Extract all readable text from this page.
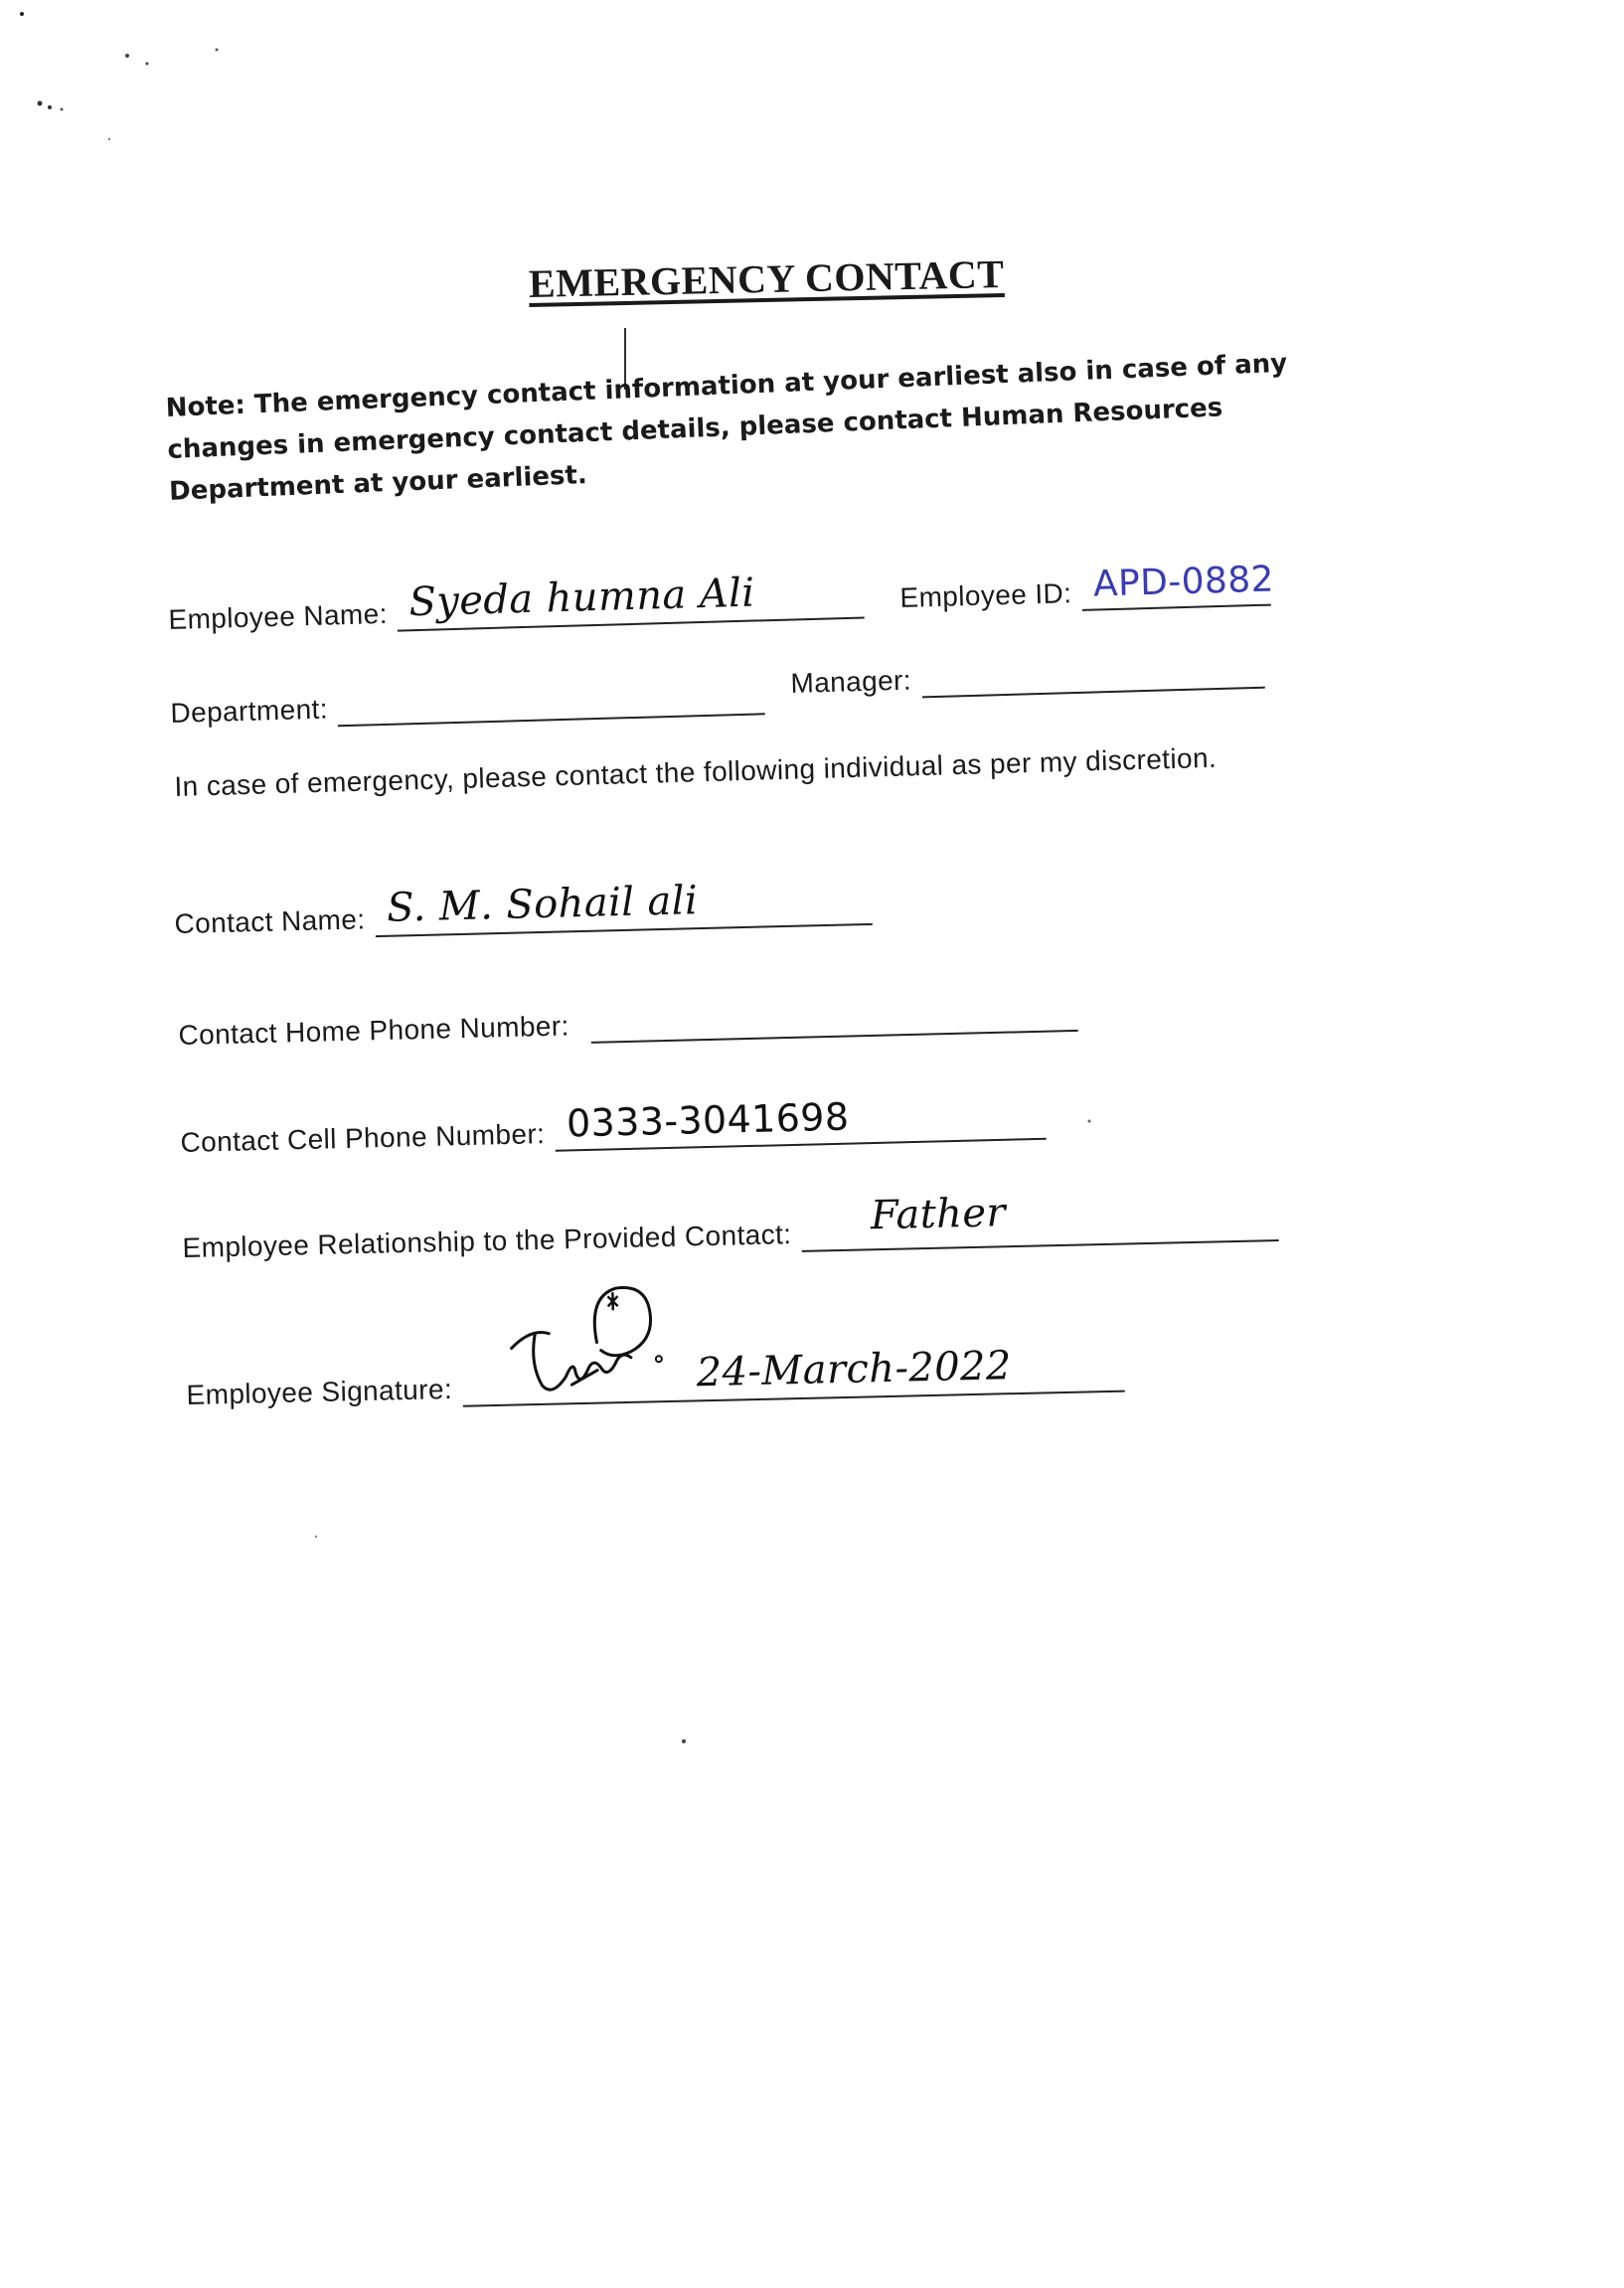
EMERGENCY CONTACT
Note: The emergency contact information at your earliest also in case of any changes in emergency contact details, please contact Human Resources Department at your earliest.
Employee Name: Syeda humna Ali	Employee ID: APD-0882
Department:
Manager:
In case of emergency, please contact the following individual as per my discretion.
Contact Name: S. M. Sohail ali
Contact Home Phone Number:
Contact Cell Phone Number: 0333-3041698
Employee Relationship to the Provided Contact:
Father
Employee Signature:	24-March-2022
